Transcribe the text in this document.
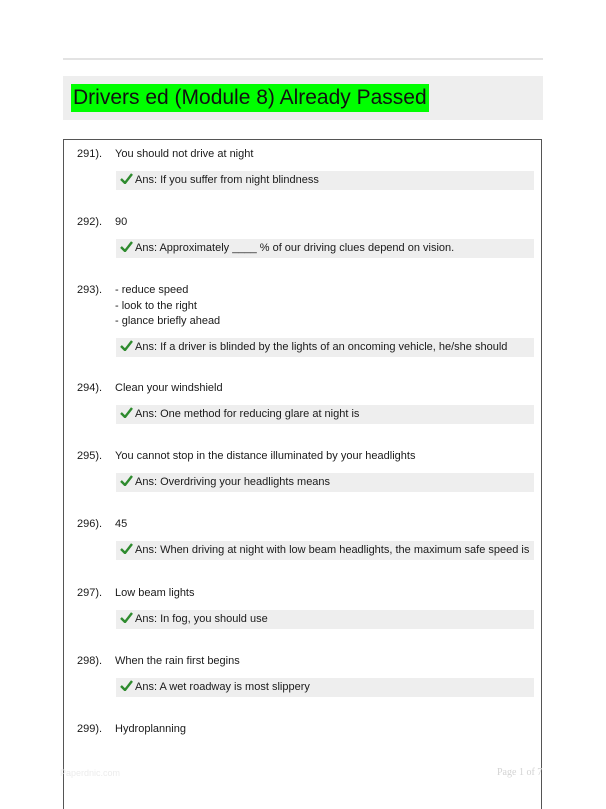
Drivers ed (Module 8) Already Passed
291).	You should not drive at night
Ans: If you suffer from night blindness
292).	90
Ans: Approximately ____ % of our driving clues depend on vision.
293).	- reduce speed
- look to the right
- glance briefly ahead
Ans: If a driver is blinded by the lights of an oncoming vehicle, he/she should
294).	Clean your windshield
Ans: One method for reducing glare at night is
295).	You cannot stop in the distance illuminated by your headlights
Ans: Overdriving your headlights means
296).	45
Ans: When driving at night with low beam headlights, the maximum safe speed is
297).	Low beam lights
Ans: In fog, you should use
298).	When the rain first begins
Ans: A wet roadway is most slippery
299).	Hydroplanning
Paperdnic.com	Page 1 of 7
